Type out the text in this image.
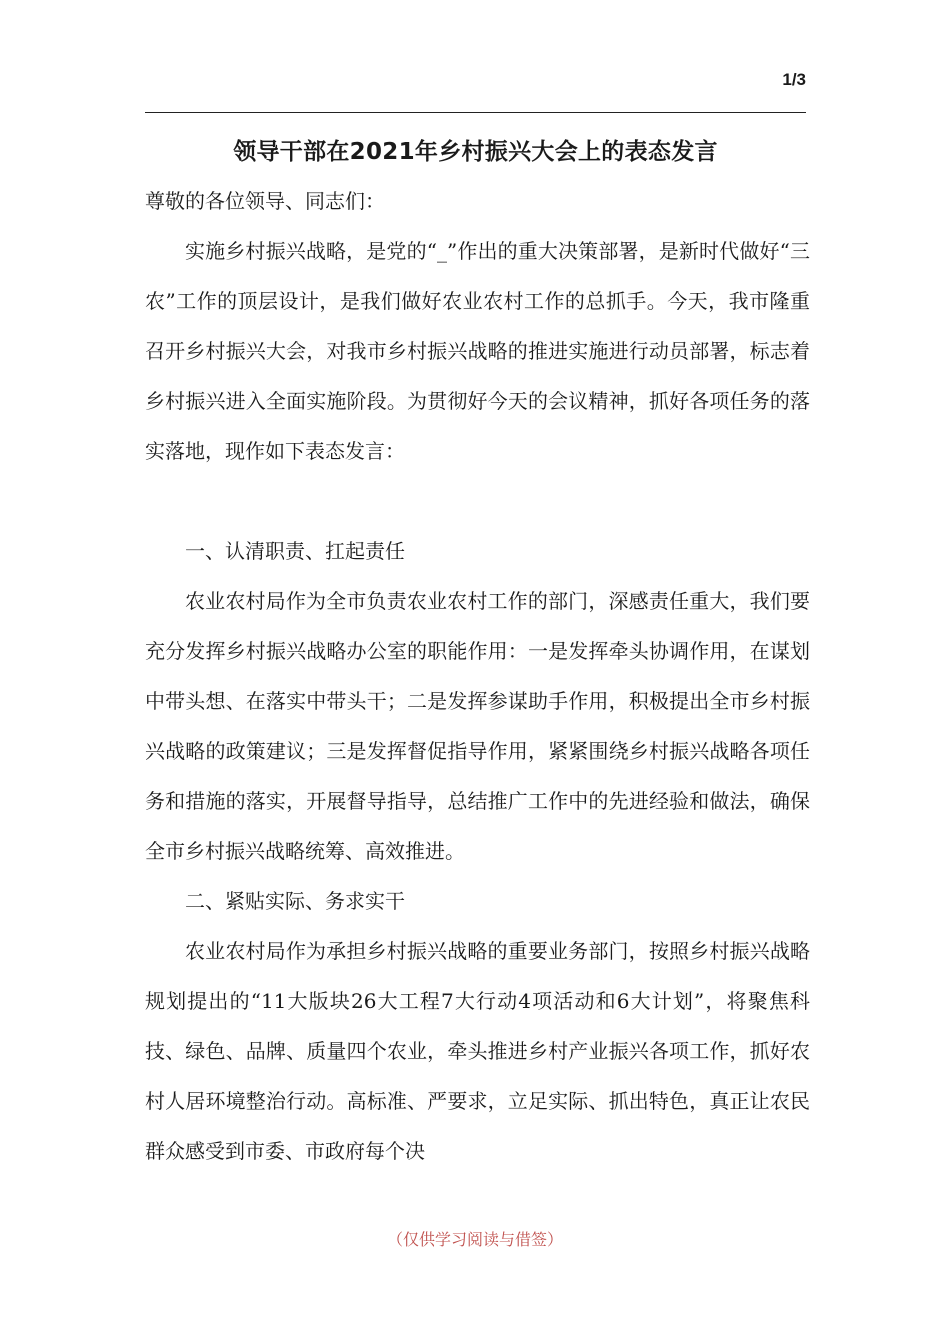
1/3
领导干部在2021年乡村振兴大会上的表态发言

尊敬的各位领导、同志们：

实施乡村振兴战略，是党的“_”作出的重大决策部署，是新时代做好“三农”工作的顶层设计，是我们做好农业农村工作的总抓手。今天，我市隆重召开乡村振兴大会，对我市乡村振兴战略的推进实施进行动员部署，标志着乡村振兴进入全面实施阶段。为贯彻好今天的会议精神，抓好各项任务的落实落地，现作如下表态发言：

一、认清职责、扛起责任

农业农村局作为全市负责农业农村工作的部门，深感责任重大，我们要充分发挥乡村振兴战略办公室的职能作用：一是发挥牵头协调作用，在谋划中带头想、在落实中带头干；二是发挥参谋助手作用，积极提出全市乡村振兴战略的政策建议；三是发挥督促指导作用，紧紧围绕乡村振兴战略各项任务和措施的落实，开展督导指导，总结推广工作中的先进经验和做法，确保全市乡村振兴战略统筹、高效推进。

二、紧贴实际、务求实干

农业农村局作为承担乡村振兴战略的重要业务部门，按照乡村振兴战略规划提出的“11大版块26大工程7大行动4项活动和6大计划”，将聚焦科技、绿色、品牌、质量四个农业，牵头推进乡村产业振兴各项工作，抓好农村人居环境整治行动。高标准、严要求，立足实际、抓出特色，真正让农民群众感受到市委、市政府每个决

（仅供学习阅读与借签）
